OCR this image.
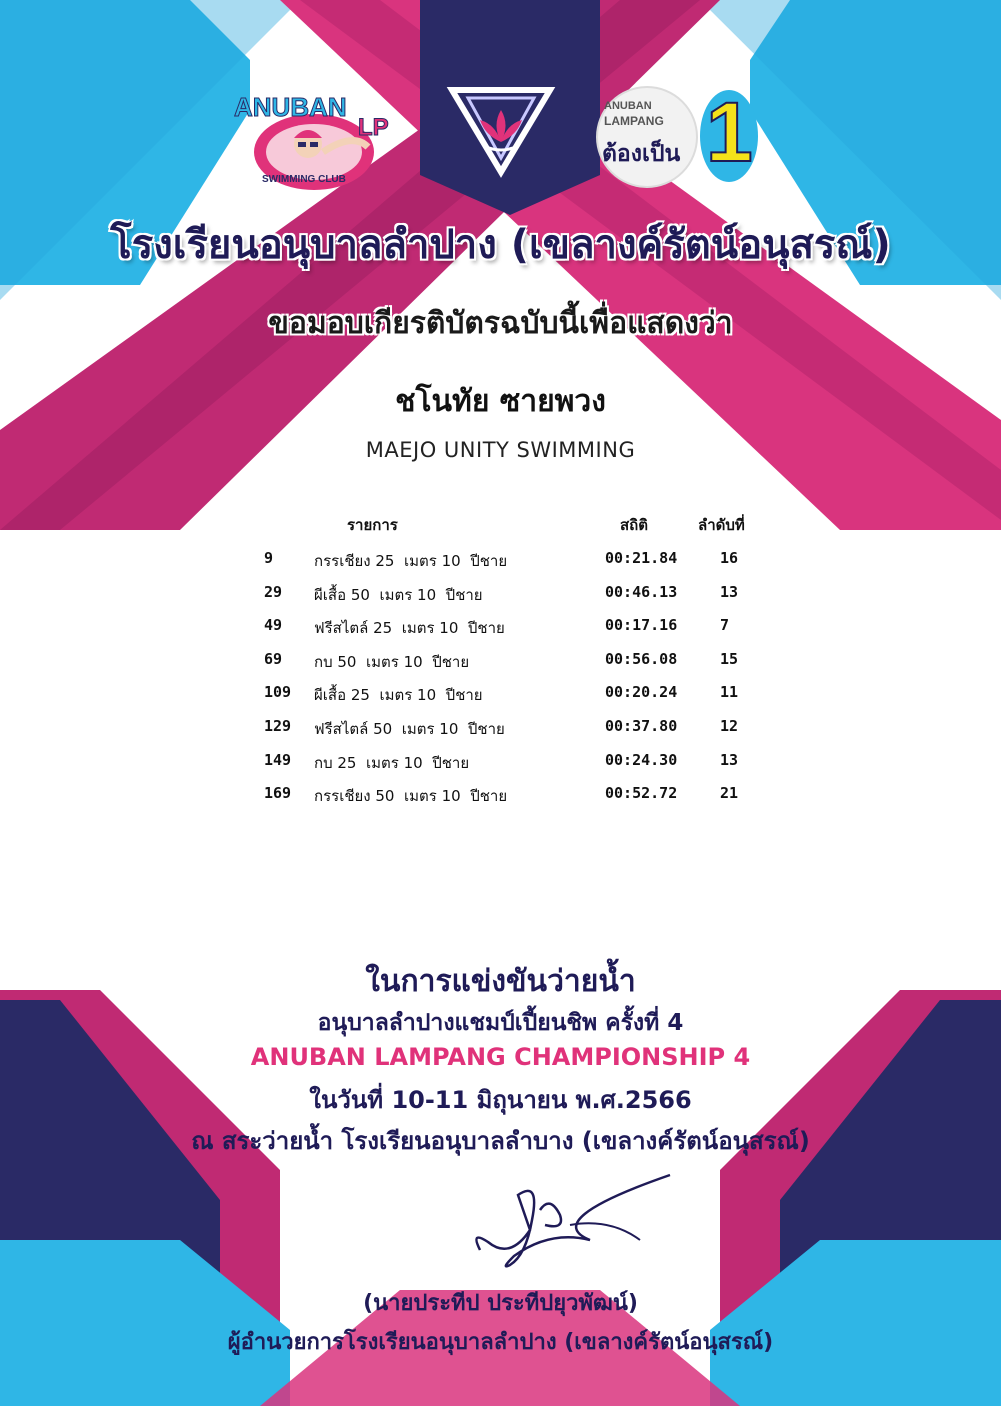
ANUBAN
LP
SWIMMING CLUB
ANUBAN
LAMPANG
ต้องเป็น 1
โรงเรียนอนุบาลลำปาง (เขลางค์รัตน์อนุสรณ์)
ขอมอบเกียรติบัตรฉบับนี้เพื่อแสดงว่า
ชโนทัย ซายพวง
MAEJO UNITY SWIMMING
รายการ	สถิติ	ลำดับที่
9	กรรเชียง 25  เมตร 10  ปีชาย	00:21.84	16
29 ผีเสื้อ 50  เมตร 10  ปีชาย	00:46.13	13
49 ฟรีสไตล์ 25  เมตร 10  ปีชาย	00:17.16	7
69 กบ 50  เมตร 10  ปีชาย	00:56.08	15
109 ผีเสื้อ 25  เมตร 10  ปีชาย	00:20.24	11
129 ฟรีสไตล์ 50  เมตร 10  ปีชาย	00:37.80	12
149 กบ 25  เมตร 10  ปีชาย	00:24.30	13
169 กรรเชียง 50  เมตร 10  ปีชาย	00:52.72	21
ในการแข่งขันว่ายน้ำ
อนุบาลลำปางแชมป์เปี้ยนชิพ ครั้งที่ 4
ANUBAN LAMPANG CHAMPIONSHIP 4
ในวันที่ 10-11 มิถุนายน พ.ศ.2566
ณ สระว่ายน้ำ โรงเรียนอนุบาลลำบาง (เขลางค์รัตน์อนุสรณ์)
(นายประทีป ประทีปยุวพัฒน์)
ผู้อำนวยการโรงเรียนอนุบาลลำปาง (เขลางค์รัตน์อนุสรณ์)
